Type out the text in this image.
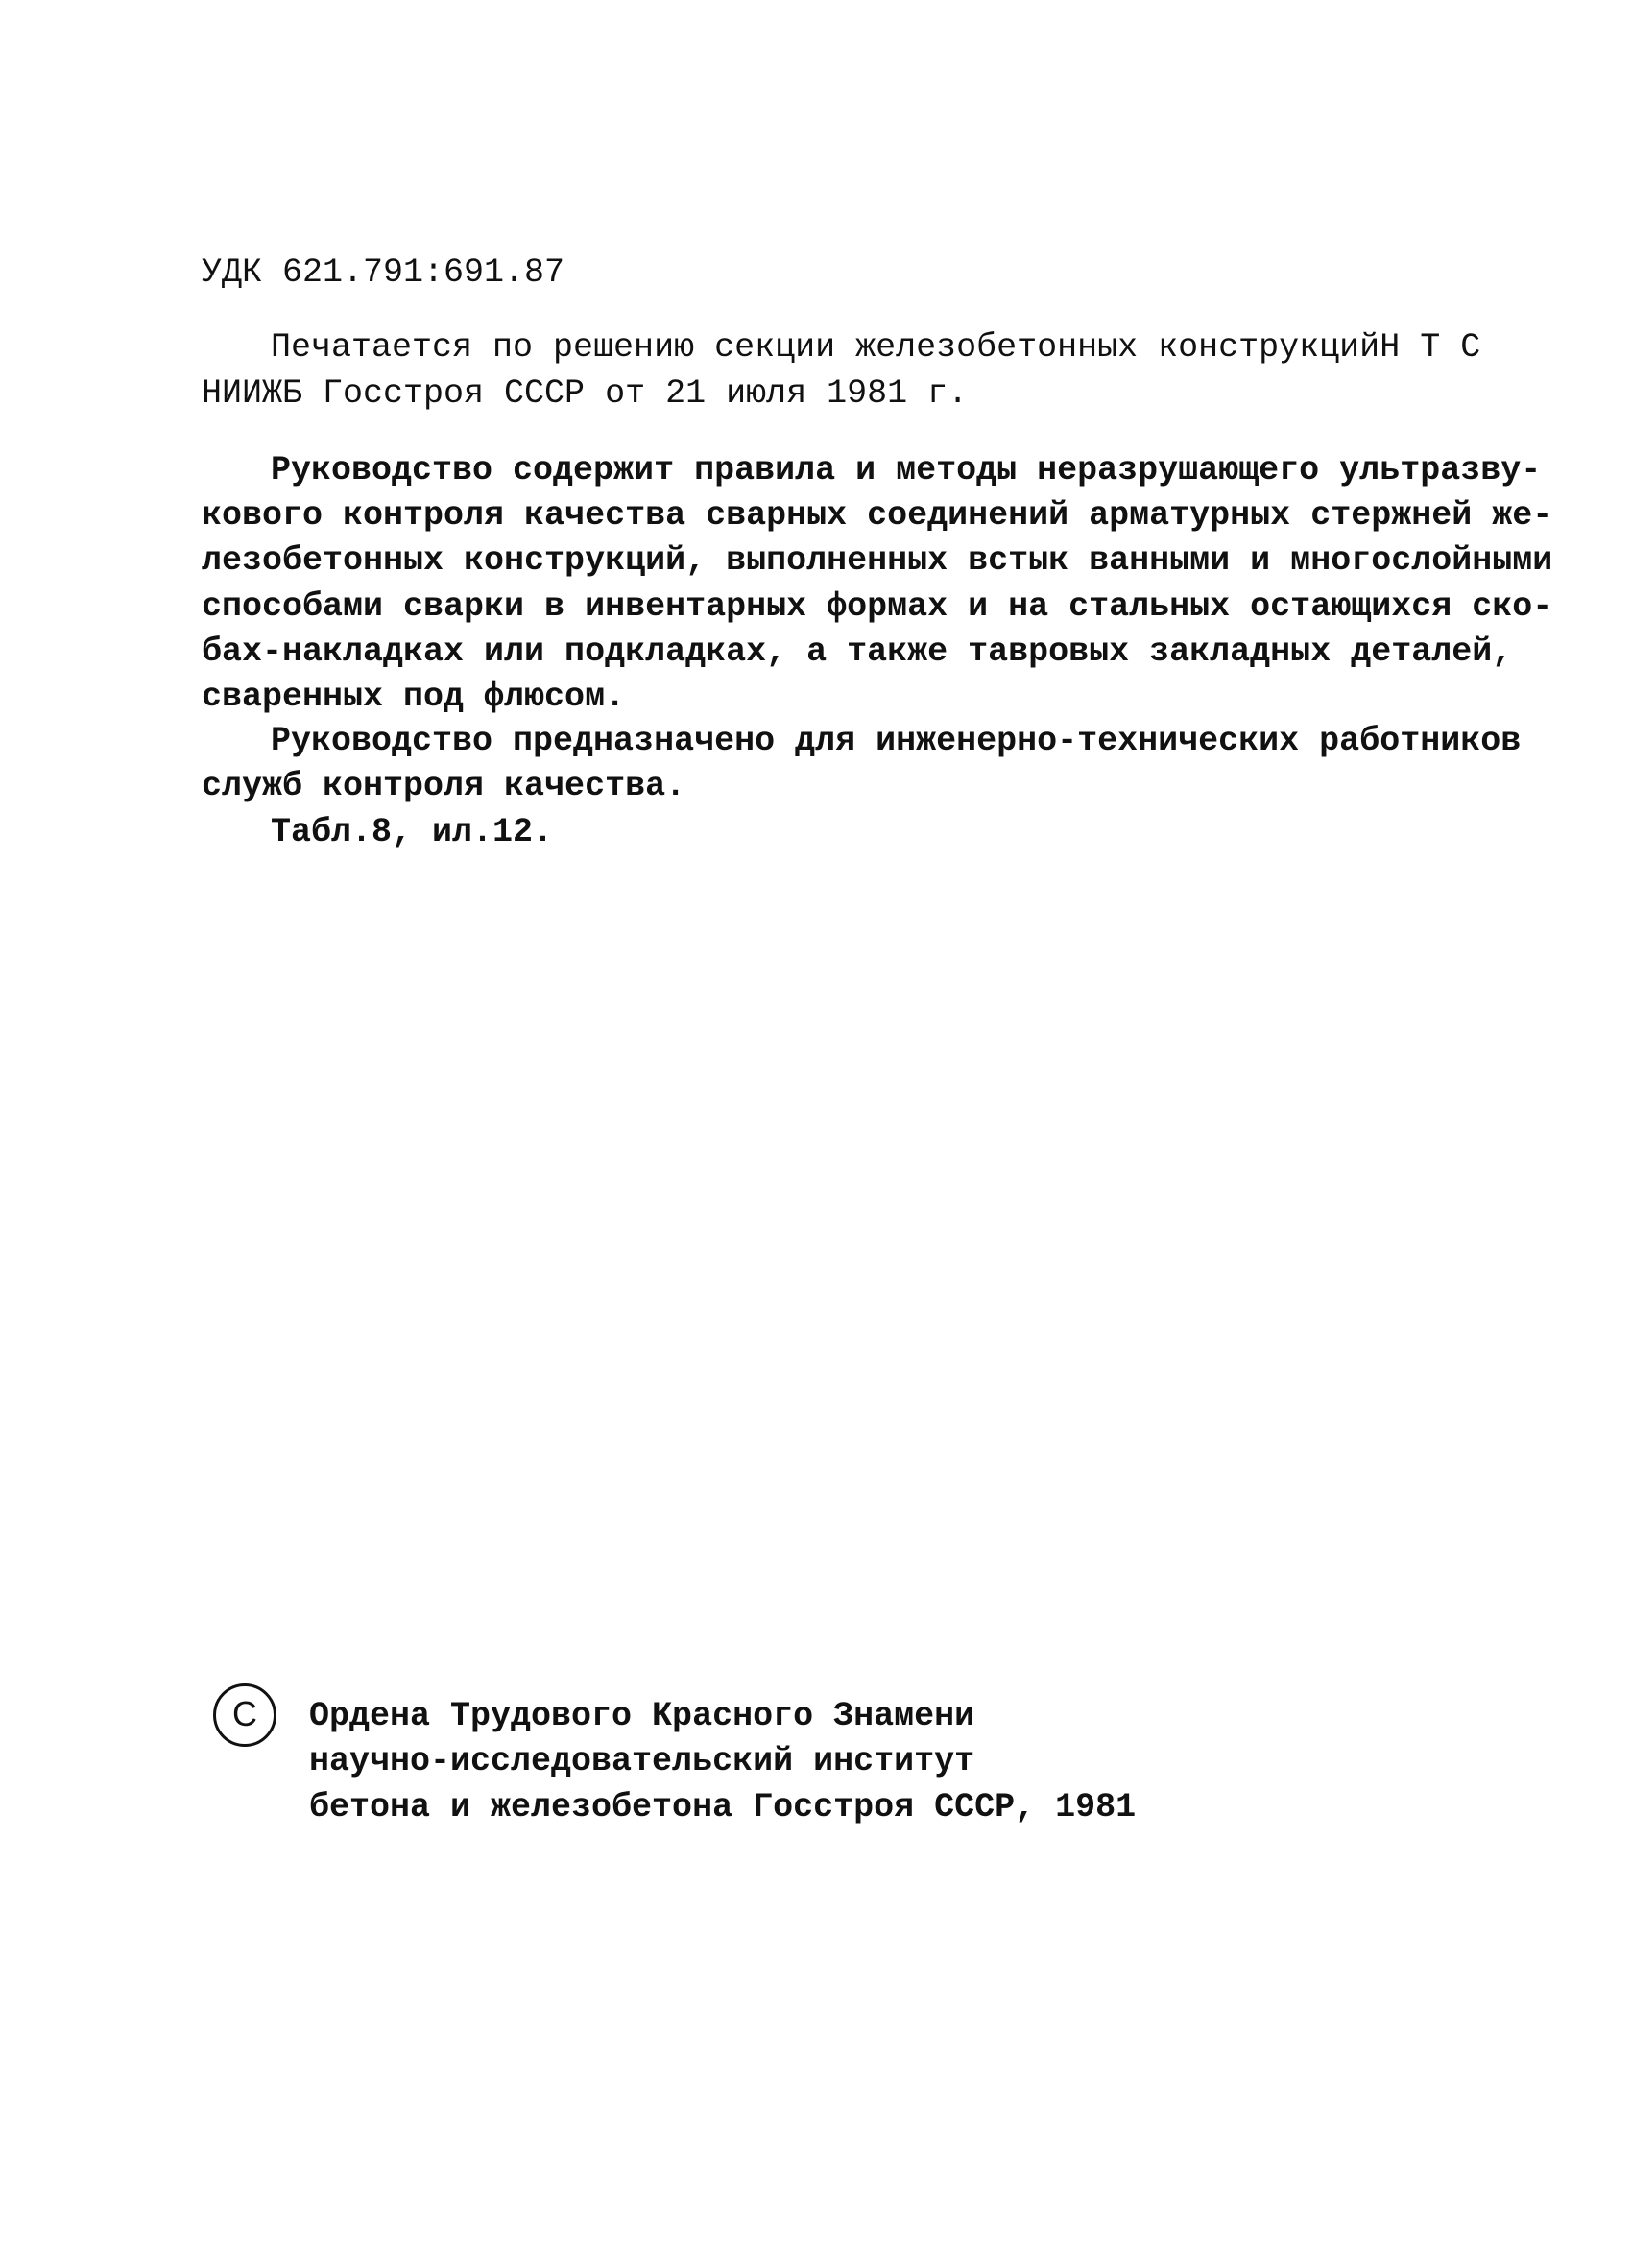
УДК 621.791:691.87
Печатается по решению секции железобетонных конструкций Н Т С
НИИЖБ Госстроя СССР от 21 июля 1981 г.
Руководство содержит правила и методы неразрушающего ультразву-
кового контроля качества сварных соединений арматурных стержней же-
лезобетонных конструкций, выполненных встык ванными и многослойными
способами сварки в инвентарных формах и на стальных остающихся ско-
бах-накладках или подкладках, а также тавровых закладных деталей,
сваренных под флюсом.
Руководство предназначено для инженерно-технических работников
служб контроля качества.
Табл.8, ил.12.
C	Ордена Трудового Красного Знамени
научно-исследовательский институт
бетона и железобетона Госстроя СССР, 1981
